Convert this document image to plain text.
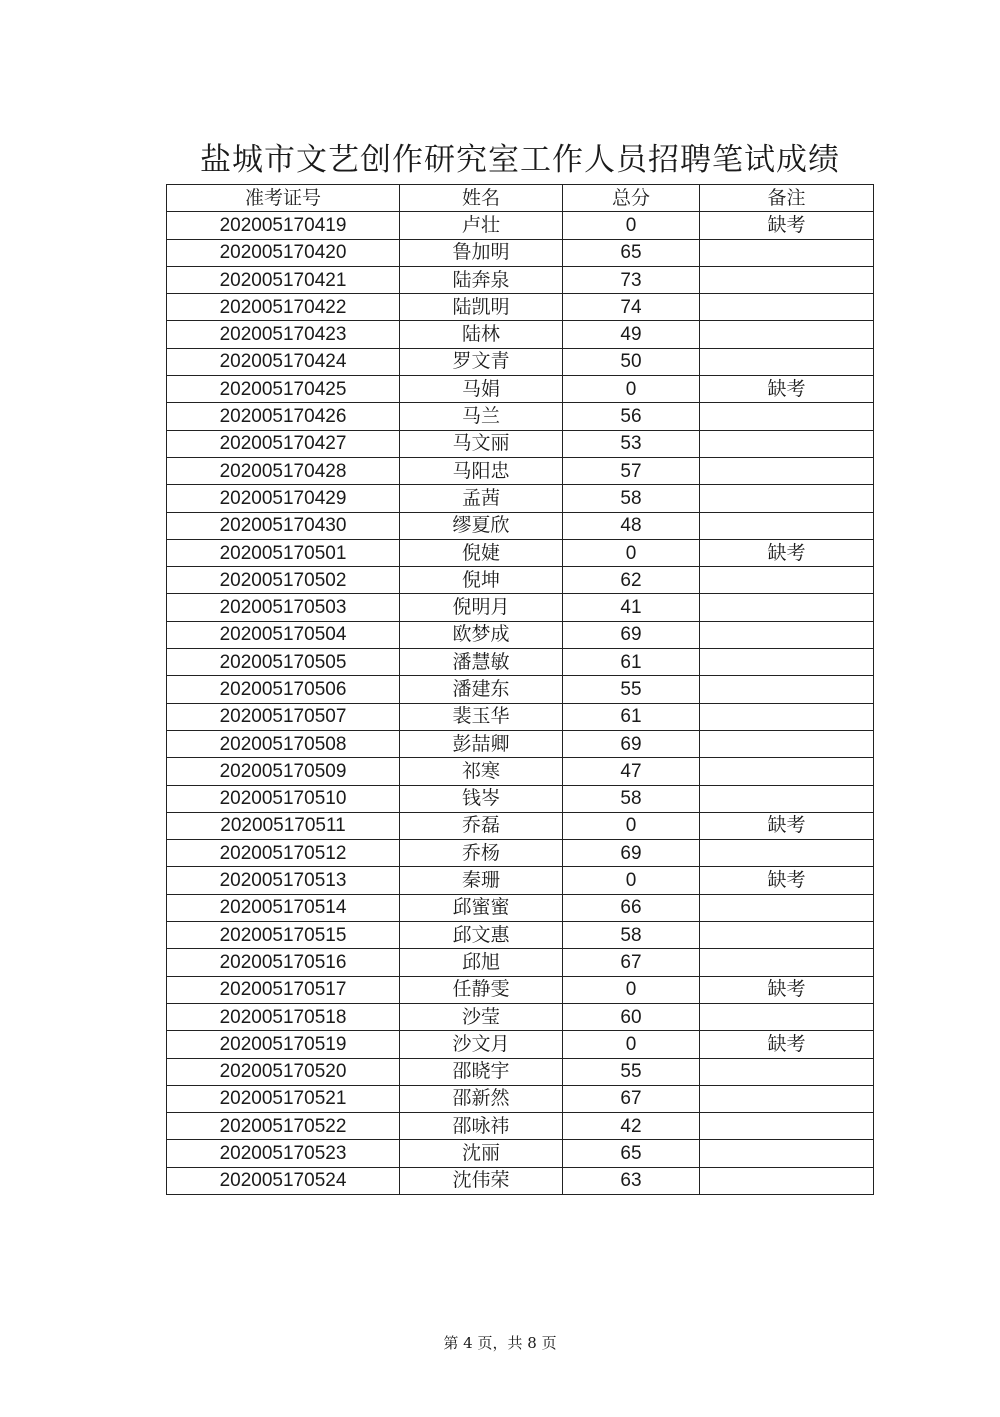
盐城市文艺创作研究室工作人员招聘笔试成绩
准考证号	姓名	总分	备注
202005170419	卢壮	0	缺考
202005170420	鲁加明	65	
202005170421	陆奔泉	73	
202005170422	陆凯明	74	
202005170423	陆林	49	
202005170424	罗文青	50	
202005170425	马娟	0	缺考
202005170426	马兰	56	
202005170427	马文丽	53	
202005170428	马阳忠	57	
202005170429	孟茜	58	
202005170430	缪夏欣	48	
202005170501	倪婕	0	缺考
202005170502	倪坤	62	
202005170503	倪明月	41	
202005170504	欧梦成	69	
202005170505	潘慧敏	61	
202005170506	潘建东	55	
202005170507	裴玉华	61	
202005170508	彭喆卿	69	
202005170509	祁寒	47	
202005170510	钱岑	58	
202005170511	乔磊	0	缺考
202005170512	乔杨	69	
202005170513	秦珊	0	缺考
202005170514	邱蜜蜜	66	
202005170515	邱文惠	58	
202005170516	邱旭	67	
202005170517	任静雯	0	缺考
202005170518	沙莹	60	
202005170519	沙文月	0	缺考
202005170520	邵晓宇	55	
202005170521	邵新然	67	
202005170522	邵咏祎	42	
202005170523	沈丽	65	
202005170524	沈伟荣	63	
第 4 页，共 8 页
